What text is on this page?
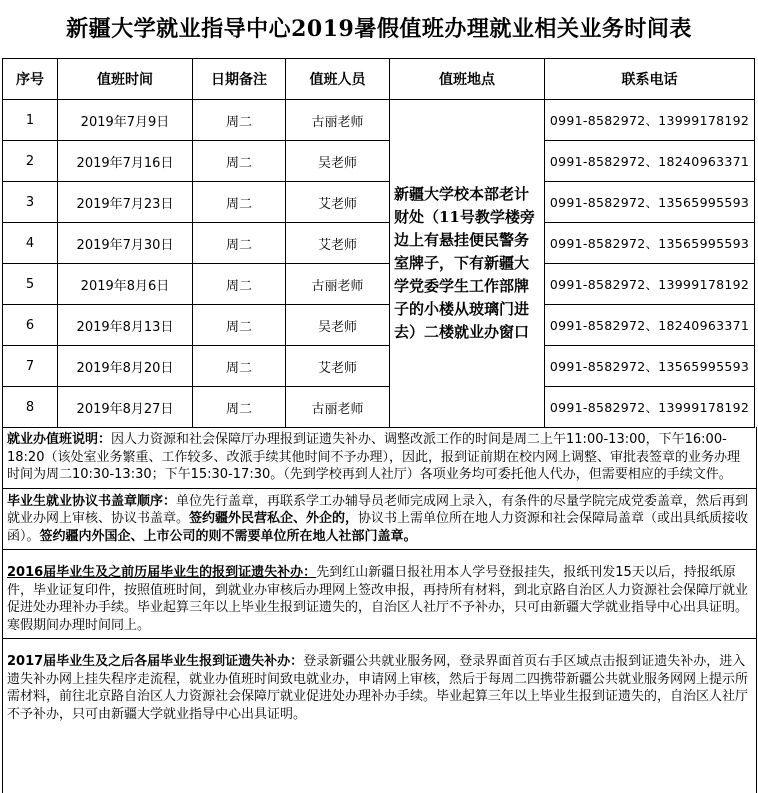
新疆大学就业指导中心2019暑假值班办理就业相关业务时间表
序号	值班时间	日期备注	值班人员	值班地点	联系电话
1	2019年7月9日	周二	古丽老师	新疆大学校本部老计财处（11号教学楼旁边上有悬挂便民警务室牌子，下有新疆大学党委学生工作部牌子的小楼从玻璃门进去）二楼就业办窗口	0991-8582972、13999178192
2	2019年7月16日	周二	吴老师		0991-8582972、18240963371
3	2019年7月23日	周二	艾老师		0991-8582972、13565995593
4	2019年7月30日	周二	艾老师		0991-8582972、13565995593
5	2019年8月6日	周二	古丽老师		0991-8582972、13999178192
6	2019年8月13日	周二	吴老师		0991-8582972、18240963371
7	2019年8月20日	周二	艾老师		0991-8582972、13565995593
8	2019年8月27日	周二	古丽老师		0991-8582972、13999178192
就业办值班说明：因人力资源和社会保障厅办理报到证遗失补办、调整改派工作的时间是周二上午11:00-13:00，下午16:00-18:20（该处室业务繁重、工作较多、改派手续其他时间不予办理），因此，报到证前期在校内网上调整、审批表签章的业务办理时间为周二10:30-13:30；下午15:30-17:30。（先到学校再到人社厅）各项业务均可委托他人代办，但需要相应的手续文件。
毕业生就业协议书盖章顺序：单位先行盖章，再联系学工办辅导员老师完成网上录入，有条件的尽量学院完成党委盖章，然后再到就业办网上审核、协议书盖章。签约疆外民营私企、外企的，协议书上需单位所在地人力资源和社会保障局盖章（或出具纸质接收函）。签约疆内外国企、上市公司的则不需要单位所在地人社部门盖章。
2016届毕业生及之前历届毕业生的报到证遗失补办：先到红山新疆日报社用本人学号登报挂失，报纸刊发15天以后，持报纸原件，毕业证复印件，按照值班时间，到就业办审核后办理网上签改申报，再持所有材料，到北京路自治区人力资源社会保障厅就业促进处办理补办手续。毕业起算三年以上毕业生报到证遗失的，自治区人社厅不予补办，只可由新疆大学就业指导中心出具证明。寒假期间办理时间同上。
2017届毕业生及之后各届毕业生报到证遗失补办：登录新疆公共就业服务网，登录界面首页右手区域点击报到证遗失补办，进入遗失补办网上挂失程序走流程，就业办值班时间致电就业办，申请网上审核，然后于每周二四携带新疆公共就业服务网网上提示所需材料，前往北京路自治区人力资源社会保障厅就业促进处办理补办手续。毕业起算三年以上毕业生报到证遗失的，自治区人社厅不予补办，只可由新疆大学就业指导中心出具证明。
